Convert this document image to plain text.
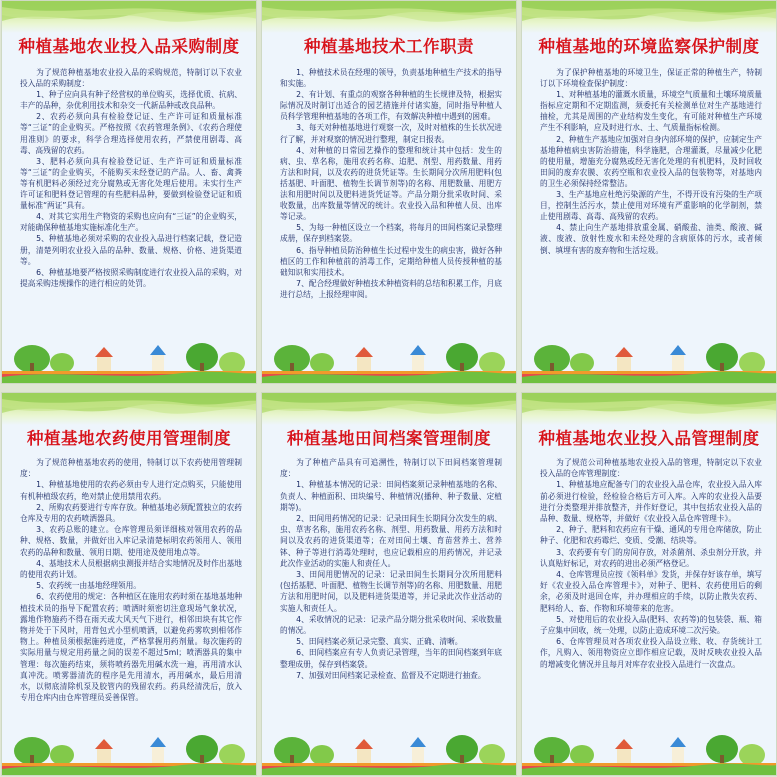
种植基地农业投入品采购制度

为了规范种植基地农业投入品的采购规范，特制订以下农业投入品的采购制度：

1、种子应向具有种子经营权的单位购买，选择优质、抗病、丰产的品种，杂优利用技术和杂交一代新品种或改良品种。

2、农药必须向具有检验登记证、生产许可证和质量标准等“三证”的企业购买。严格按照《农药管理条例》、《农药合理使用准则》的要求，科学合理选择使用农药，严禁使用剧毒、高毒、高残留的农药。

3、肥料必须向具有检验登记证、生产许可证和质量标准等“三证”的企业购买，不能购买未经登记的产品。人、畜、禽粪等有机肥料必须经过充分腐熟或无害化处理后使用。未实行生产许可证和肥料登记管理的有些肥料品种，要做到检验登记证和质量标准“两证”具有。

4、对其它实用生产物资的采购也应向有“三证”的企业购买，对能确保种植基地实施标准化生产。

5、种植基地必须对采购的农业投入品进行档案记载，登记造册，清楚列明农业投入品的品种、数量、规格、价格、进货渠道等。

6、种植基地要严格按照采购制度进行农业投入品的采购，对提高采购违规操作的进行相应的处罚。

种植基地技术工作职责

1、种植技术员在经理的领导，负责基地种植生产技术的指导和实施。

2、有计划、有重点的观察各种种植的生长规律及特，根据实际情况及时制订出适合的园艺措施并付诸实施，同时指导种植人员科学管理种植基地的各项工作，有效解决种植中遇到的困难。

3、每天对种植基地进行观察一次，及时对植株的生长状况进行了解，并对观察的情况进行整理，制定日报表。

4、对种植的日常园艺操作的整理和统计其中包括：发生的病、虫、草名称，施用农药名称、追肥、剂型、用药数量、用药方法和时间，以及农药的进货凭证等。生长期间分次所用肥料(包括基肥、叶面肥、植物生长调节剂等)的名称、用肥数量、用肥方法和用肥时间以及肥料进货凭证等。产品分期分批采收时间、采收数量，出库数量等情况的统计。农业投入品和种植人员、出库等记录。

5、为每一种植区设立一个档案，将每月的田间档案记录整理成册，保存到档案袋。

6、指导种植员防治种植生长过程中发生的病虫害，做好各种植区的工作和种植前的消毒工作，定期给种植人员传授种植的基础知识和实用技术。

7、配合经理做好种植技术种植资料的总结和积累工作，月底进行总结，上报经理审阅。

种植基地的环境监察保护制度

为了保护种植基地的环境卫生，保证正常的种植生产，特制订以下环境检查保护制度：

1、对种植基地的灌溉水质量，环境空气质量和土壤环境质量指标应定期和不定期监测，须委托有关检测单位对生产基地进行抽检，尤其是周围的产业结构发生变化，有可能对种植生产环境产生不利影响，应及时进行水、土、气质量指标检测。

2、种植生产基地应加强对自身内部环境的保护，应制定生产基地种植病虫害防治措施，科学施肥，合理灌溉，尽量减少化肥的使用量，增施充分腐熟或经无害化处理的有机肥料，及时回收田间的废弃农膜、农药空瓶和农业投入品的包装物等，对基地内的卫生必须保持经常整洁。

3、生产基地应杜绝污染源的产生，不得开设有污染的生产项目，控制生活污水，禁止使用对环境有严重影响的化学制剂，禁止使用剧毒、高毒、高残留的农药。

4、禁止向生产基地排放重金属、硝酸盐、油类、酸液、碱液、废液、放射性废水和未经处理的含病原体的污水，或者倾倒、填埋有害的废弃物和生活垃圾。

种植基地农药使用管理制度

为了规范种植基地农药的使用，特制订以下农药使用管理制度：

1、种植基地使用的农药必须由专人进行定点购买，只能使用有机种植级农药，绝对禁止使用禁用农药。

2、所购农药要进行专库存放。种植基地必须配置独立的农药仓库及专用的农药喷洒器具。

3、农药总账的建立。仓库管理员须详细核对领用农药的品种、规格、数量，并做好出入库记录清楚标明农药领用人、领用农药的品种和数量、领用日期、使用途及使用地点等。

4、基地技术人员根据病虫测报并结合实地情况及时作出基地的使用农药计划。

5、农药统一由基地经理领用。

6、农药使用的规定：各种植区在施用农药时须在基地基地种植技术员的指导下配置农药；喷洒时须密切注意现场气象状况，露地作物施药不得在雨天或大风天气下进行，相邻田块有其它作物并处于下风时，用背包式小型机喷洒，以避免药雾吹到相邻作物上。种植员须根据施药进度，严格掌握用药剂量。每次施药的实际用量与规定用药量之间的误差不超过5ml；喷洒器具的集中管理：每次施药结束，须将喷药器先用碱水洗一遍，再用清水认真冲洗。喷雾器清洗的程序是先用清水，再用碱水，最后用清水，以彻底清除机泵及胶管内的残留农药。药具经清洗后，放入专用仓库内由仓库管理员妥善保管。

种植基地田间档案管理制度

为了种植产品具有可追溯性，特制订以下田间档案管理制度：

1、种植基本情况的记录：田间档案须记录种植基地的名称、负责人、种植面积、田块编号、种植情况(播种、种子数量、定植期等)。

2、田间用药情况的记录：记录田间生长期间分次发生的病、虫、草害名称，施用农药名称、剂型、用药数量、用药方法和时间以及农药的进货渠道等；在对田间土壤、育苗营养土、营养钵、种子等进行消毒处理时，也应记载相应的用药情况，并记录此次作业活动的实施人和责任人。

3、田间用肥情况的记录：记录田间生长期间分次所用肥料(包括基肥、叶面肥、植物生长调节剂等)的名称、用肥数量、用肥方法和用肥时间，以及肥料进货渠道等，并记录此次作业活动的实施人和责任人。

4、采收情况的记录：记录产品分期分批采收时间、采收数量的情况。

5、田间档案必须记录完整、真实、正确、清晰。

6、田间档案应有专人负责记录管理，当年的田间档案到年底整理成册，保存到档案袋。

7、加强对田间档案记录检查、监督及不定期进行抽查。

种植基地农业投入品管理制度

为了规范公司种植基地农业投入品的管理，特制定以下农业投入品的仓库管理制度：

1、种植基地应配备专门的农业投入品仓库，农业投入品入库前必须进行检验，经检验合格后方可入库。入库的农业投入品要进行分类整理并排放整齐，并作好登记，其中包括农业投入品的品种、数量、规格等，并做好《农业投入品仓库管理卡》。

2、种子、肥料和农药应有干燥、通风的专用仓库储放，防止种子、化肥和农药霉烂、变质、受潮、结块等。

3、农药要有专门的房间存放，对杀菌剂、杀虫剂分开放，并认真贴好标记，对农药的进出必须严格登记。

4、仓库管理员应按《领料单》发货，并保存好该存单，填写好《农业投入品仓库管理卡》，对种子、肥料、农药使用后的剩余，必须及时退回仓库，并办理相应的手续，以防止散失农药、肥料给人、畜、作物和环境带来的危害。

5、对使用后的农业投入品(肥料、农药等)的包装袋、瓶、箱子应集中回收，统一处理，以防止造成环境二次污染。

6、仓库管理员对各项农业投入品设立账、收、存货统计工作，凡购入、领用物资应立即作相应记载，及时反映农业投入品的增减变化情况并且每月对库存农业投入品进行一次盘点。
